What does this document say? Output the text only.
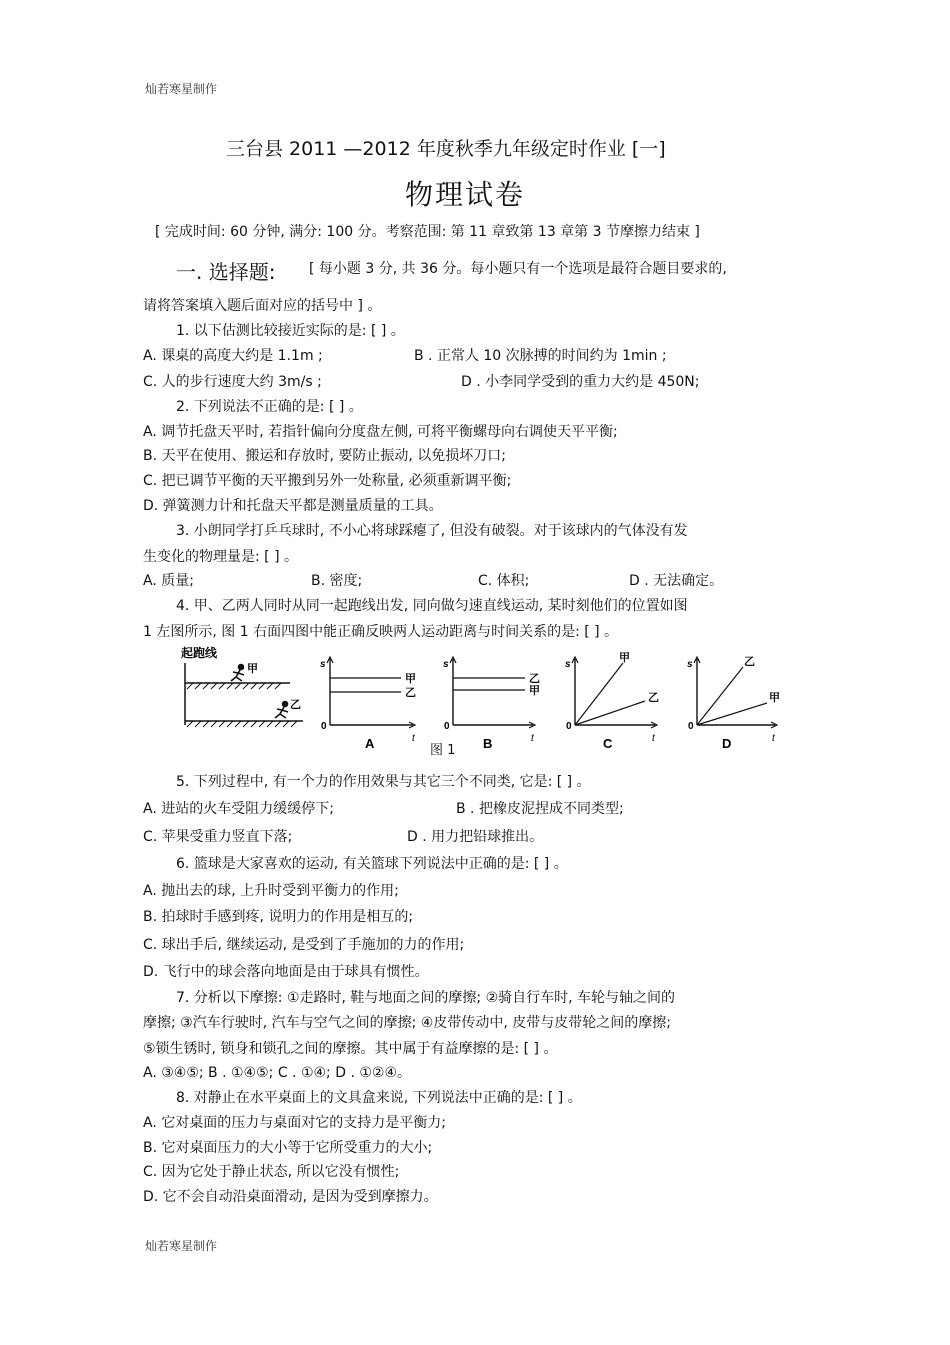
灿若寒星制作
三台县 2011 —2012 年度秋季九年级定时作业 [一]
物理试卷
[ 完成时间: 60 分钟, 满分: 100 分。考察范围: 第 11 章致第 13 章第 3 节摩擦力结束 ]
一. 选择题: [ 每小题 3 分, 共 36 分。每小题只有一个选项是最符合题目要求的,
请将答案填入题后面对应的括号中 ] 。
1. 以下估测比较接近实际的是: [ ] 。
A. 课桌的高度大约是 1.1m ;	B . 正常人 10 次脉搏的时间约为 1min ;
C. 人的步行速度大约 3m/s ;	D . 小李同学受到的重力大约是 450N;
2. 下列说法不正确的是: [ ] 。
A. 调节托盘天平时, 若指针偏向分度盘左侧, 可将平衡螺母向右调使天平平衡;
B. 天平在使用、搬运和存放时, 要防止振动, 以免损坏刀口;
C. 把已调节平衡的天平搬到另外一处称量, 必须重新调平衡;
D. 弹簧测力计和托盘天平都是测量质量的工具。
3. 小朗同学打乒乓球时, 不小心将球踩瘪了, 但没有破裂。对于该球内的气体没有发
生变化的物理量是: [ ] 。
A. 质量;	B. 密度;	C. 体积;	D . 无法确定。
4. 甲、乙两人同时从同一起跑线出发, 同向做匀速直线运动, 某时刻他们的位置如图
1 左图所示, 图 1 右面四图中能正确反映两人运动距离与时间关系的是: [ ] 。
起跑线
甲
乙
s
0
甲
乙
t
A
s
0
乙
甲
t
B
s
0
甲
乙
t
C
s
0
乙
甲
t
D
图 1
5. 下列过程中, 有一个力的作用效果与其它三个不同类, 它是: [ ] 。
A. 进站的火车受阻力缓缓停下;	B . 把橡皮泥捏成不同类型;
C. 苹果受重力竖直下落;	D . 用力把铅球推出。
6. 篮球是大家喜欢的运动, 有关篮球下列说法中正确的是: [ ] 。
A. 抛出去的球, 上升时受到平衡力的作用;
B. 拍球时手感到疼, 说明力的作用是相互的;
C. 球出手后, 继续运动, 是受到了手施加的力的作用;
D. 飞行中的球会落向地面是由于球具有惯性。
7. 分析以下摩擦: ①走路时, 鞋与地面之间的摩擦; ②骑自行车时, 车轮与轴之间的
摩擦; ③汽车行驶时, 汽车与空气之间的摩擦; ④皮带传动中, 皮带与皮带轮之间的摩擦;
⑤锁生锈时, 锁身和锁孔之间的摩擦。其中属于有益摩擦的是: [ ] 。
A. ③④⑤; B . ①④⑤; C . ①④; D . ①②④。
8. 对静止在水平桌面上的文具盒来说, 下列说法中正确的是: [ ] 。
A. 它对桌面的压力与桌面对它的支持力是平衡力;
B. 它对桌面压力的大小等于它所受重力的大小;
C. 因为它处于静止状态, 所以它没有惯性;
D. 它不会自动沿桌面滑动, 是因为受到摩擦力。
灿若寒星制作
